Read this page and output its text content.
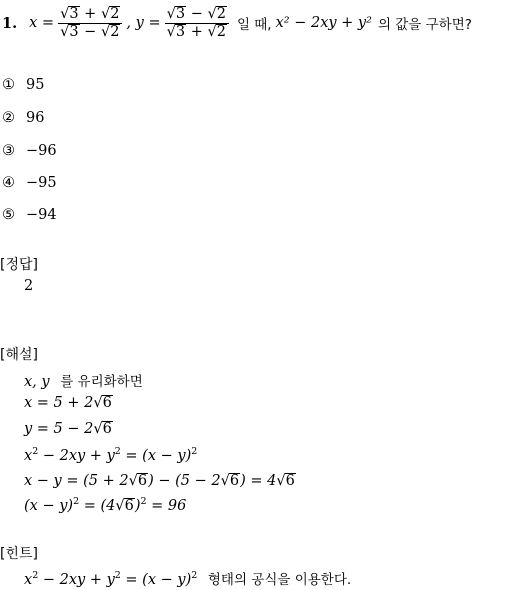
1. $x = \frac{√3 + √2}{√3 - √2}$ , $y = \frac{√3 - √2}{√3 + √2}$ 일 때, x² − 2xy + y² 의 값을 구하면?
① 95
② 96
③ −96
④ −95
⑤ −94
[정답]
2
[해설]
x, y 를 유리화하면
x = 5 + 2√6
y = 5 − 2√6
$x^2 - 2xy + y^2 = (x - y)^2$
x − y = (5 + 2√6) − (5 − 2√6) = 4√6
$(x - y)^2 = (4√6)^2 = 96$
[힌트]
$x^2 - 2xy + y^2 = (x - y)^2$ 형태의 공식을 이용한다.
